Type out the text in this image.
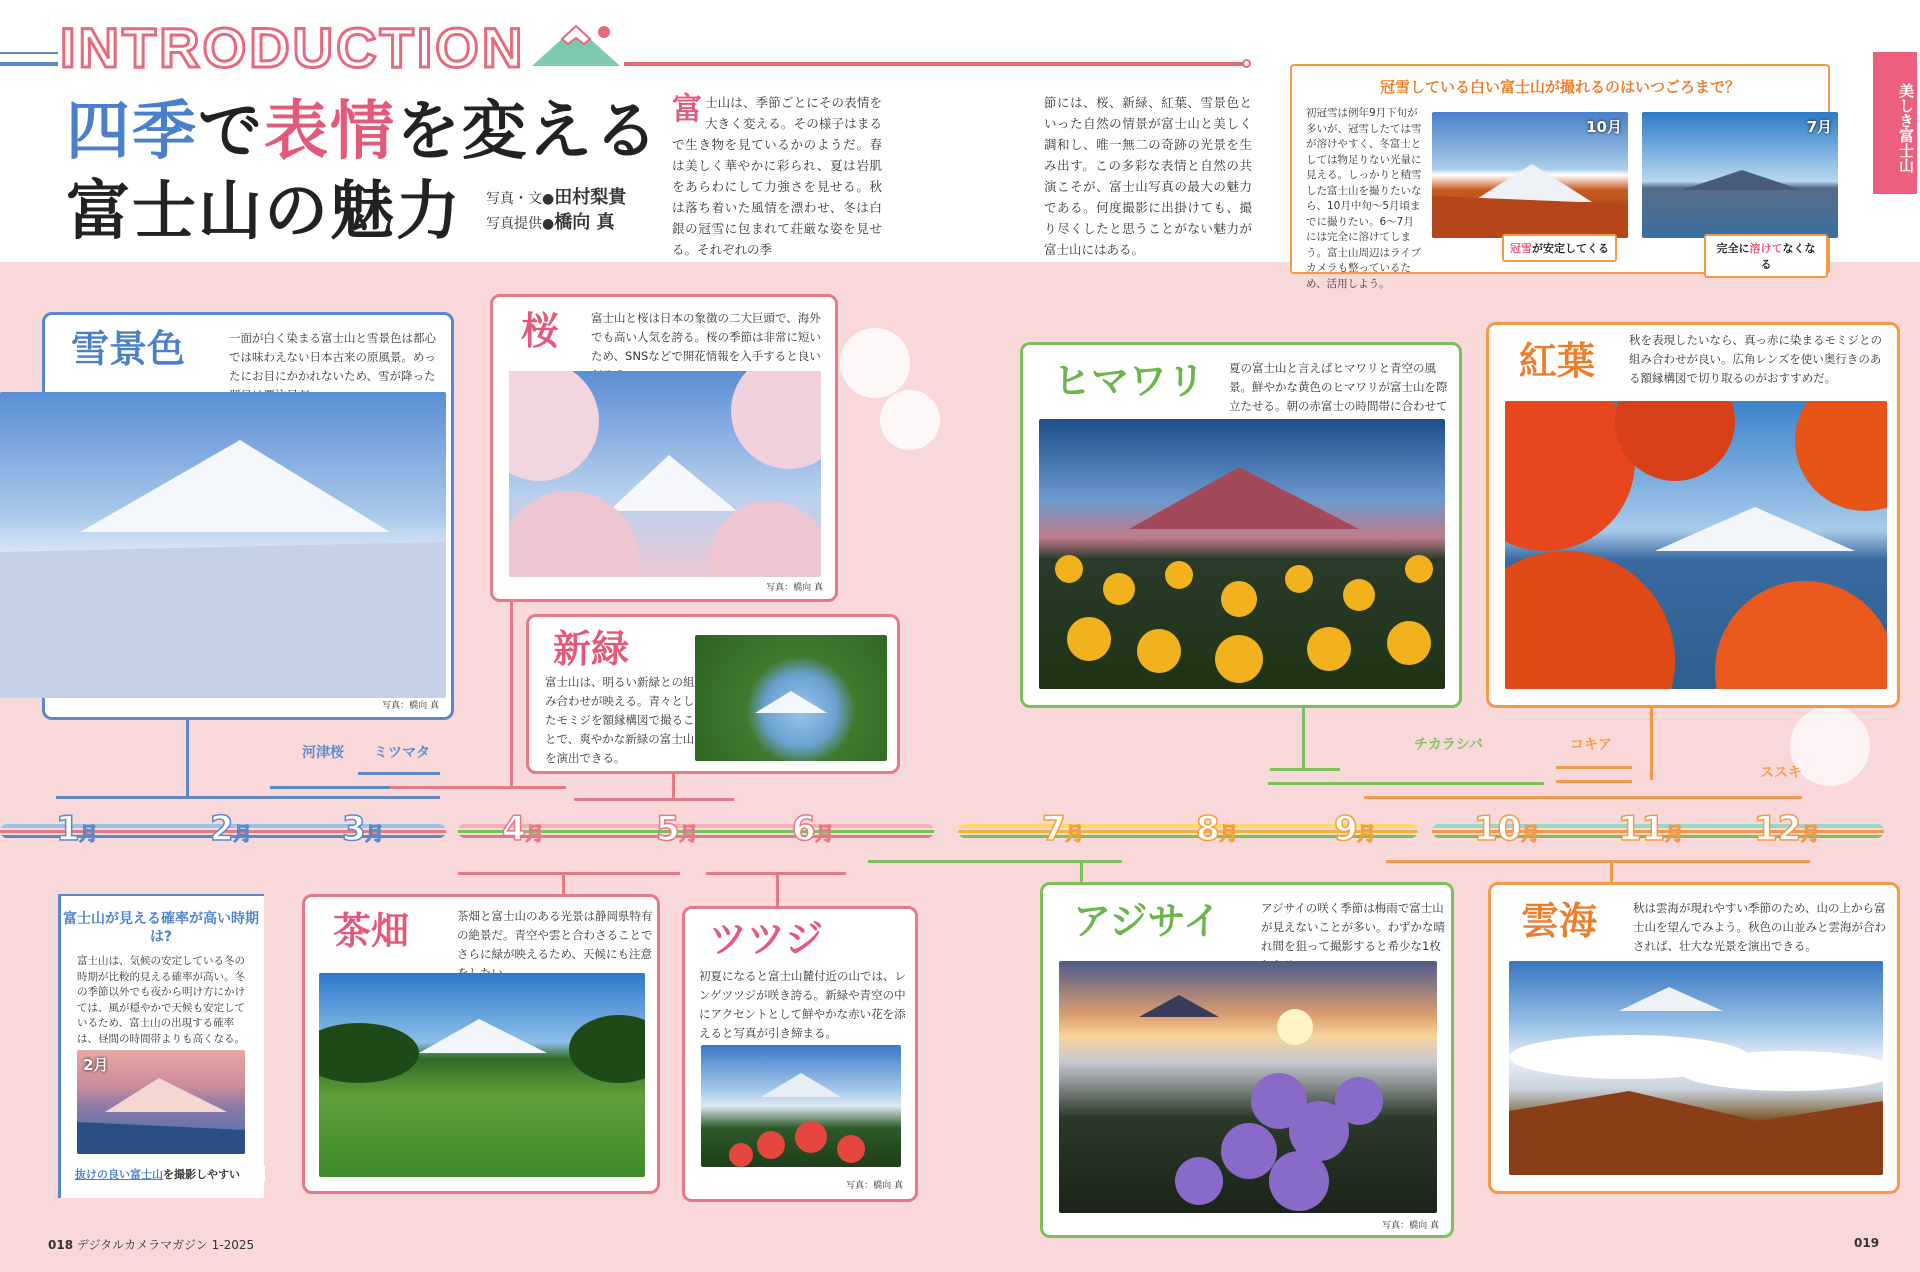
INTRODUCTION
四季で表情を変える
富士山の魅力	写真・文●田村梨貴
写真提供●橋向 真
富士山は、季節ごとにその表情を大きく変える。その様子はまるで生き物を見ているかのようだ。春は美しく華やかに彩られ、夏は岩肌をあらわにして力強さを見せる。秋は落ち着いた風情を漂わせ、冬は白銀の冠雪に包まれて荘厳な姿を見せる。それぞれの季
節には、桜、新緑、紅葉、雪景色といった自然の情景が富士山と美しく調和し、唯一無二の奇跡の光景を生み出す。この多彩な表情と自然の共演こそが、富士山写真の最大の魅力である。何度撮影に出掛けても、撮り尽くしたと思うことがない魅力が富士山にはある。
美しき富士山
冠雪している白い富士山が撮れるのはいつごろまで？
初冠雪は例年9月下旬が多いが、冠雪したては雪が溶けやすく、冬富士としては物足りない光量に見える。しっかりと積雪した富士山を撮りたいなら、10月中旬〜5月頃までに撮りたい。6〜7月には完全に溶けてしまう。富士山周辺はライブカメラも整っているため、活用しよう。
10月	7月
冠雪が安定してくる	完全に溶けてなくなる
雪景色	一面が白く染まる富士山と雪景色は都心では味わえない日本古来の原風景。めったにお目にかかれないため、雪が降った
写真：橋向 真
桜	富士山と桜は日本の象徴の二大巨頭で、海外でも高い人気を誇る。桜の季節は非常に短いため、SNSなどで開花情報を入手すると良い
写真：橋向 真
新緑
富士山は、明るい新緑との組み合わせが映える。青々としたモミジを額縁構図で撮ることで、爽やかな新緑の富士山を演出できる。
ヒマワリ 夏の富士山と言えばヒマワリと青空の風景。鮮やかな黄色のヒマワリが富士山を際立たせる。朝の赤富士の時間帯に合わせて
紅葉	秋を表現したいなら、真っ赤に染まるモミジとの組み合わせが良い。広角レンズを使い奥行きのある額縁構図で切り取るのがおすすめだ。
1月	2月	3月	4月	5月	6月	7月	8月	9月	10月 11月 12月
河津桜 ミツマタ	チカラシバ	コキア
ススキ
富士山が見える確率が高い時期は?
富士山は、気候の安定している冬の時期が比較的見える確率が高い。冬の季節以外でも夜から明け方にかけては、風が穏やかで天候も安定しているため、富士山の出現する確率は、昼間の時間帯よりも高くなる。
2月
抜けの良い富士山を撮影しやすい
茶畑	茶畑と富士山のある光景は静岡県特有の絶景だ。青空や雲と合わさることでさらに緑が映えるため、天候にも注意 ツツジ
初夏になると富士山麓付近の山では、レンゲツツジが咲き誇る。新緑や青空の中にアクセントとして鮮やかな赤い花を添えると写真が引き締まる。
写真：橋向 真
アジサイ	アジサイの咲く季節は梅雨で富士山が見えないことが多い。わずかな晴れ間を狙って撮影すると希少な1枚
写真：橋向 真
雲海	秋は雲海が現れやすい季節のため、山の上から富士山を望んでみよう。秋色の山並みと雲海が合わされば、壮大な光景を演出できる。
018 デジタルカメラマガジン 1-2025	019
